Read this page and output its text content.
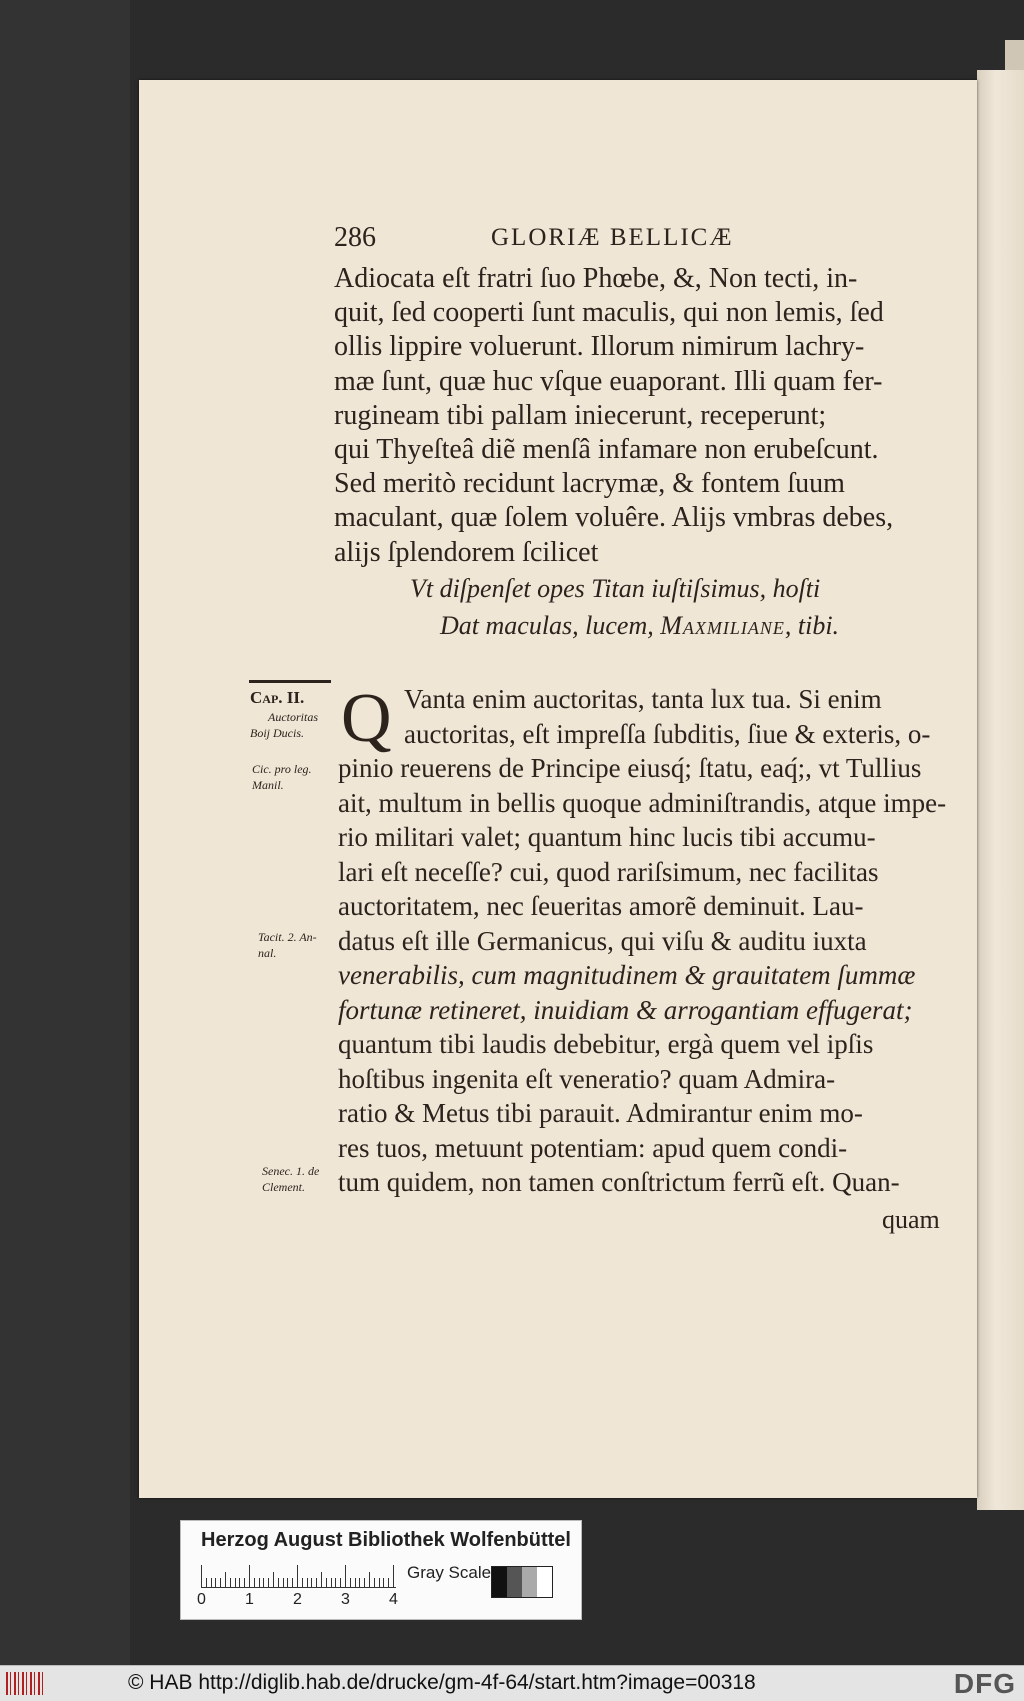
286	GLORIÆ BELLICÆ
Adiocata eſt fratri ſuo Phœbe, &, Non tecti, in-
quit, ſed cooperti ſunt maculis, qui non lemis, ſed
ollis lippire voluerunt. Illorum nimirum lachry-
mæ ſunt, quæ huc vſque euaporant. Illi quam fer-
rugineam tibi pallam iniecerunt, receperunt;
qui Thyeſteâ diẽ menſâ infamare non erubeſcunt.
Sed meritò recidunt lacrymæ, & fontem ſuum
maculant, quæ ſolem voluêre. Alijs vmbras debes,
alijs ſplendorem ſcilicet
Vt diſpenſet opes Titan iuſtiſsimus, hoſti
Dat maculas, lucem, Maxmiliane, tibi.
Cap. II.
Auctoritas
Boij Ducis.
Cic. pro leg.
Manil.
Tacit. 2. An-
nal.
Senec. 1. de
Clement.
Q Vanta enim auctoritas, tanta lux tua. Si enim
auctoritas, eſt impreſſa ſubditis, ſiue & exteris, o-
pinio reuerens de Principe eiusq́; ſtatu, eaq́;, vt Tullius
ait, multum in bellis quoque adminiſtrandis, atque impe-
rio militari valet; quantum hinc lucis tibi accumu-
lari eſt neceſſe? cui, quod rariſsimum, nec facilitas
auctoritatem, nec ſeueritas amorẽ deminuit. Lau-
datus eſt ille Germanicus, qui viſu & auditu iuxta
venerabilis, cum magnitudinem & grauitatem ſummæ
fortunæ retineret, inuidiam & arrogantiam effugerat;
quantum tibi laudis debebitur, ergà quem vel ipſis
hoſtibus ingenita eſt veneratio? quam Admira-
ratio & Metus tibi parauit. Admirantur enim mo-
res tuos, metuunt potentiam: apud quem condi-
tum quidem, non tamen conſtrictum ferrũ eſt. Quan-
quam
Herzog August Bibliothek Wolfenbüttel
0 1 2 3 4
Gray Scale
© HAB http://diglib.hab.de/drucke/gm-4f-64/start.htm?image=00318	DFG
